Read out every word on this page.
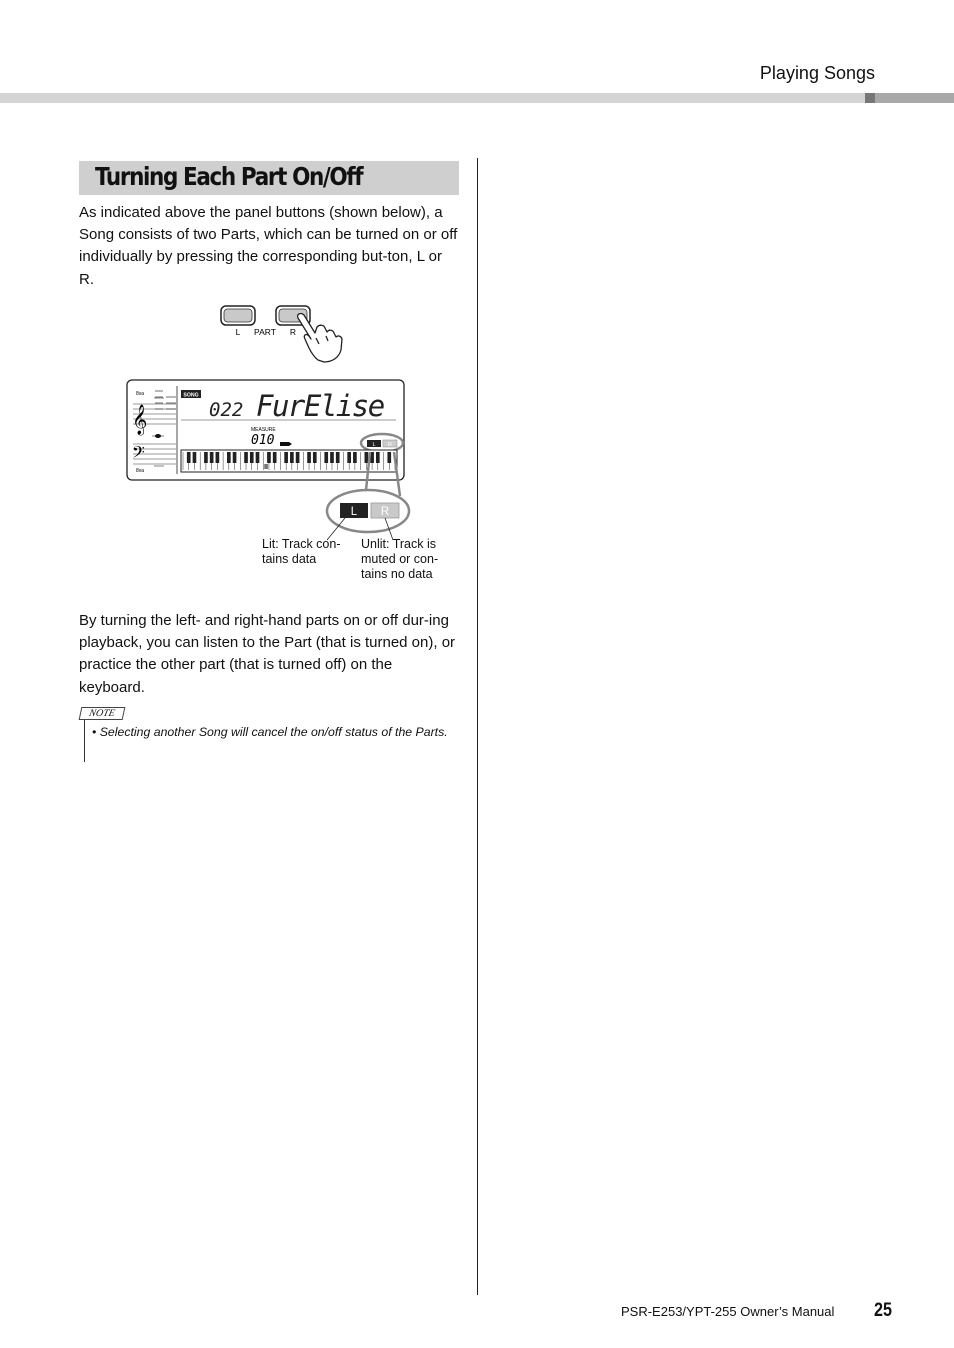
Playing Songs
Turning Each Part On/Off

As indicated above the panel buttons (shown below), a Song consists of two Parts, which can be turned on or off individually by pressing the corresponding but-ton, L or R.

L PART R
8va
8va
𝄞
𝄢
SONG
022 FurElise
MEASURE
010	L R
L R
Lit: Track con-tains data
Unlit: Track is muted or con-tains no data

By turning the left- and right-hand parts on or off dur-ing playback, you can listen to the Part (that is turned on), or practice the other part (that is turned off) on the keyboard.

NOTE

• Selecting another Song will cancel the on/off status of the Parts.

PSR-E253/YPT-255 Owner’s Manual 25
